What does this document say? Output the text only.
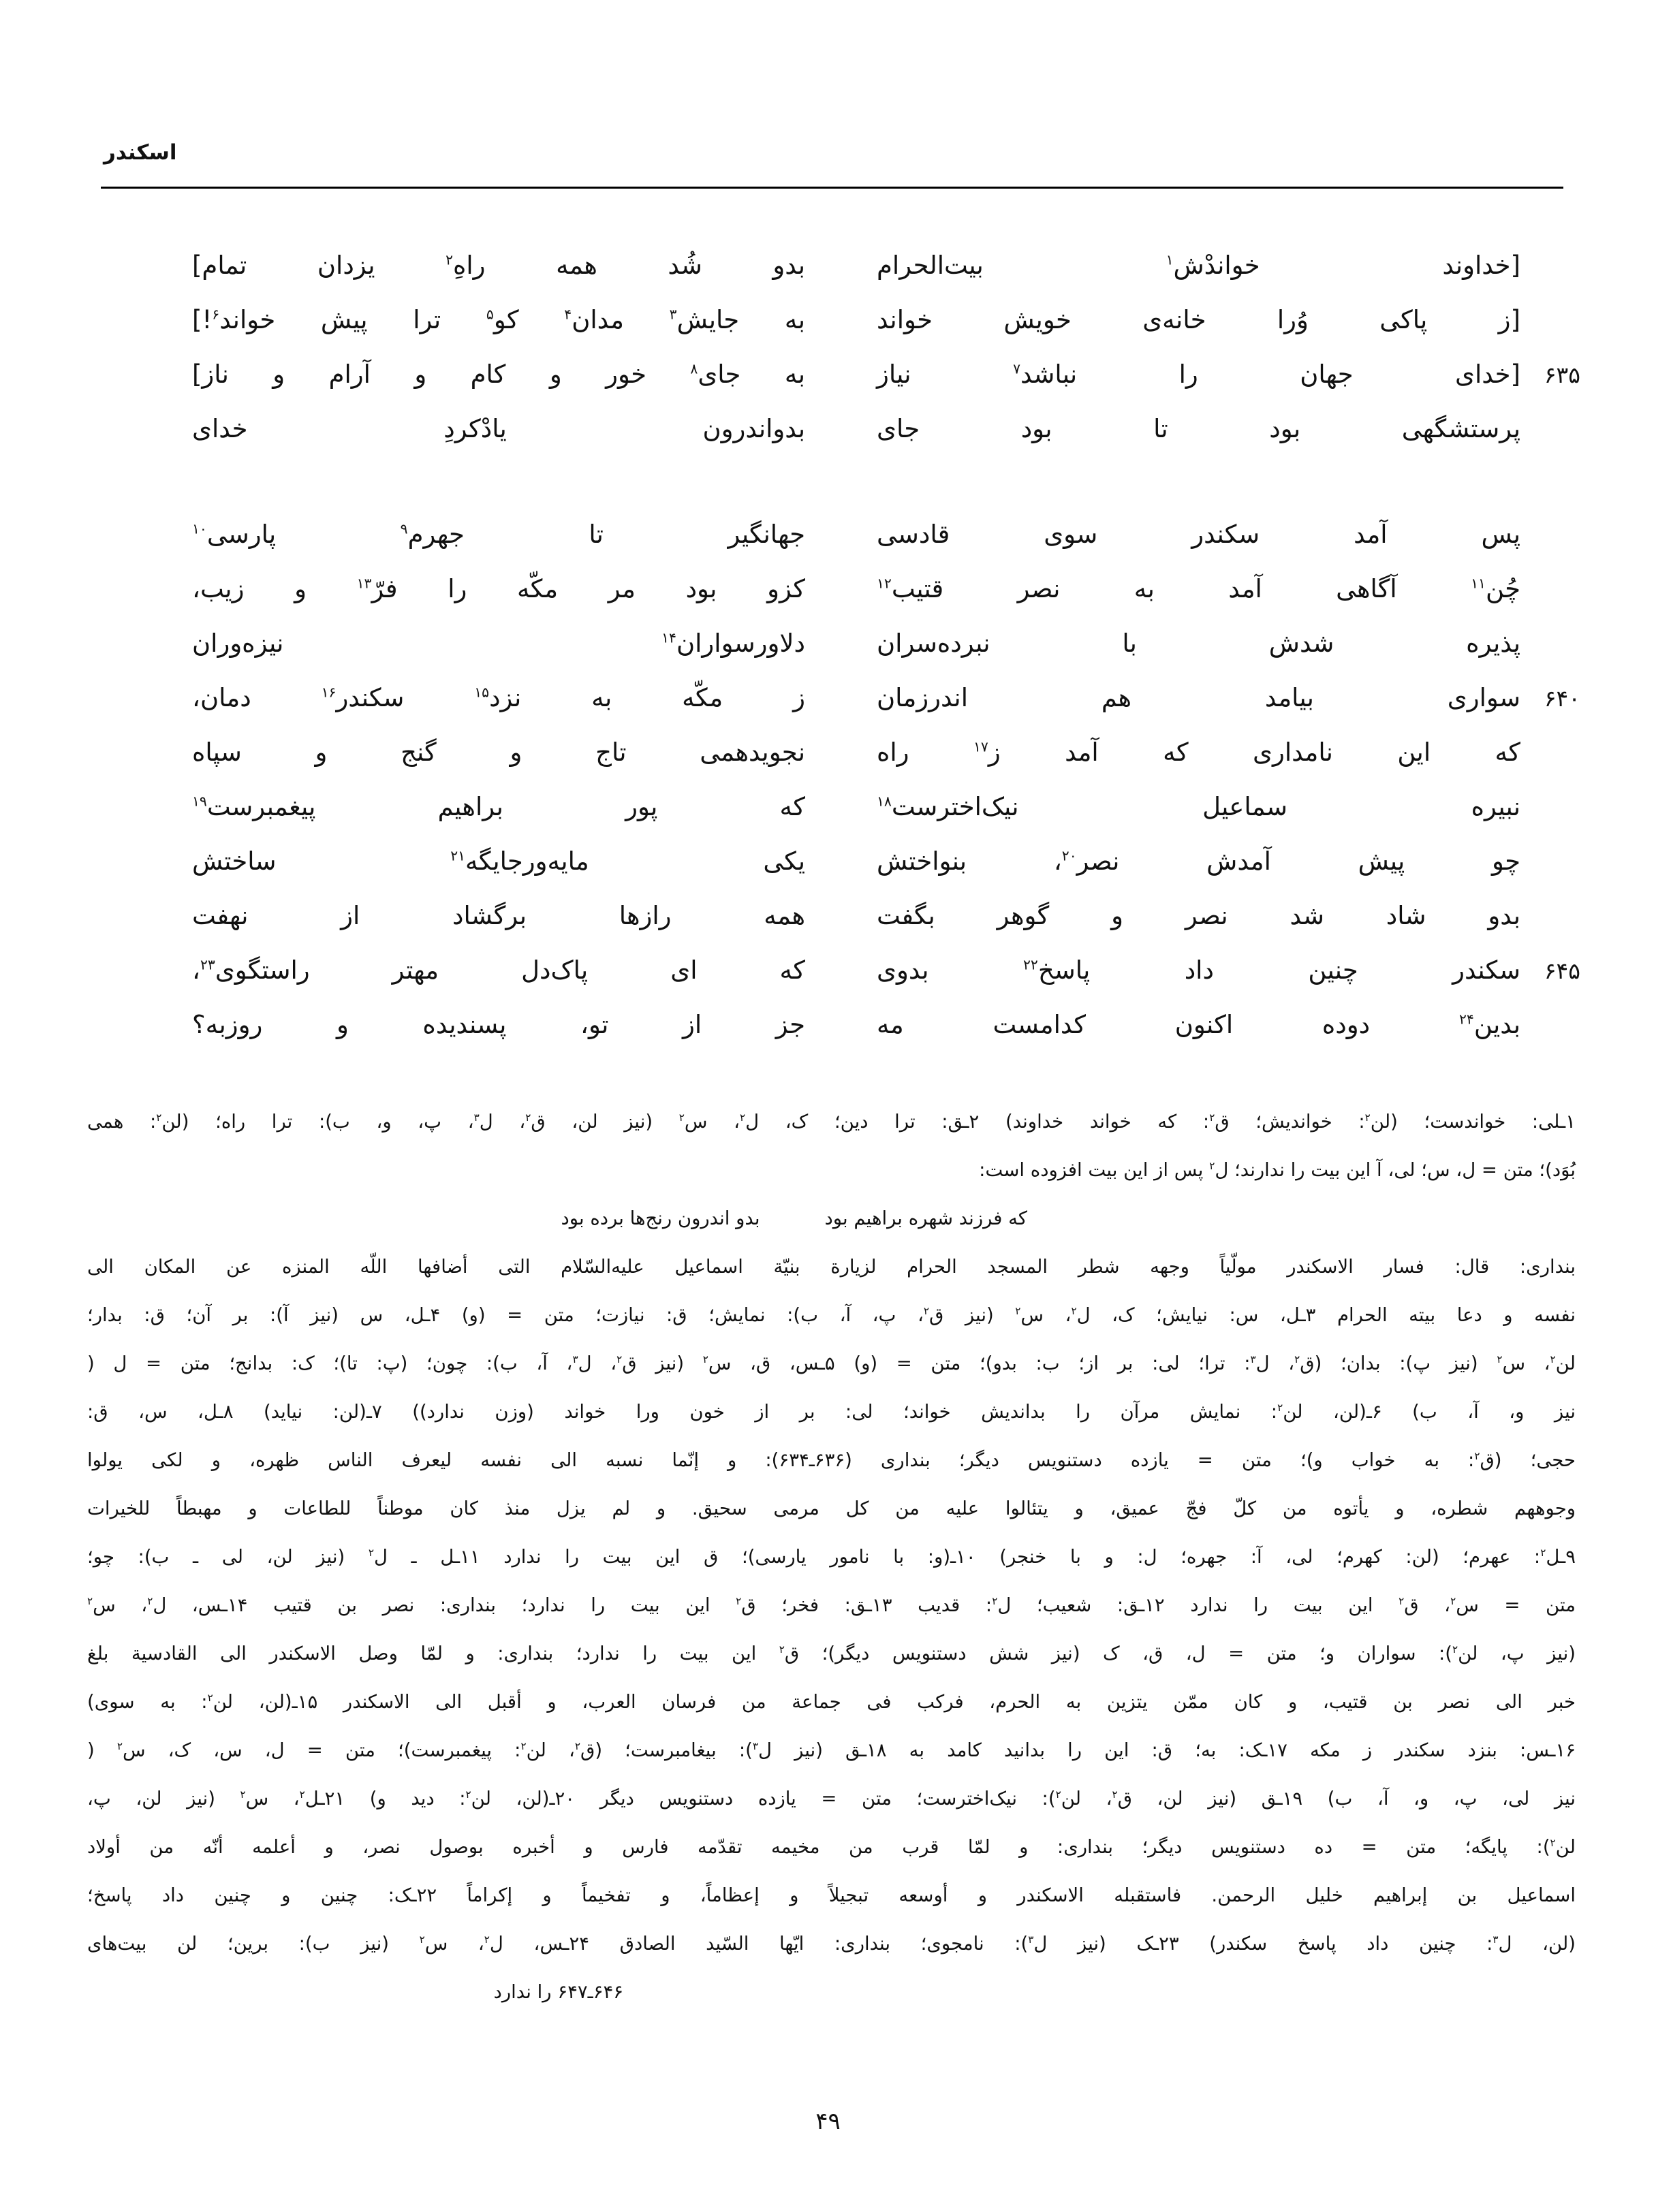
اسکندر
[خداوند خواندْش$^۱$ بیت‌الحرام
بدو شُد همه راهِ$^۲$ یزدان تمام]
[ز پاکی وُرا خانه‌ی خویش خواند
به جایش$^۳$ مدان$^۴$ کو$^۵$ ترا پیش خواند$^۶$!]
۶۳۵
[خدای جهان را نباشد$^۷$ نیاز
به جای$^۸$ خور و کام و آرام و ناز]
پرستشگهی بود تا بود جای
بدواندرون یادْکردِ خدای
پس آمد سکندر سوی قادسی
جهانگیر تا جهرم$^۹$ پارسی$^{۱۰}$
چُن$^{۱۱}$ آگاهی آمد به نصر قتیب$^{۱۲}$
کزو بود مر مکّه را فرّ$^{۱۳}$ و زیب،
پذیره شدش با نبرده‌سران
دلاورسواران$^{۱۴}$ نیزه‌وران
۶۴۰
سواری بیامد هم اندرزمان
ز مکّه به نزد$^{۱۵}$ سکندر$^{۱۶}$ دمان،
که این نامداری که آمد ز$^{۱۷}$ راه
نجویدهمی تاج و گنج و سپاه
نبیره سماعیل نیک‌اخترست$^{۱۸}$
که پور براهیم پیغمبرست$^{۱۹}$
چو پیش آمدش نصر$^{۲۰}$، بنواختش
یکی مایه‌ورجایگه$^{۲۱}$ ساختش
بدو شاد شد نصر و گوهر بگفت
همه رازها برگشاد از نهفت
۶۴۵
سکندر چنین داد پاسخ$^{۲۲}$ بدوی
که ای پاک‌دل مهتر راستگوی$^{۲۳}$،
بدین$^{۲۴}$ دوده اکنون کدامست مه
جز از تو، پسندیده و روزبه؟
۱ـلی: خواندست؛ (لن$^۲$: خواندیش؛ ق$^۲$: که خواند خداوند) ۲ـق: ترا دین؛ ک، ل$^۲$، س$^۲$ (نیز لن، ق$^۲$، ل$^۳$، پ، و، ب): ترا راه؛ (لن$^۲$: همی
بُوَد)؛ متن = ل، س؛ لی، آ این بیت را ندارند؛ ل$^۲$ پس از این بیت افزوده است:
که فرزند شهره براهیم بود
بدو اندرون رنج‌ها برده بود
بنداری: قال: فسار الاسکندر مولّیاً وجهه شطر المسجد الحرام لزیارة بنیّة اسماعیل علیه‌السّلام التی أضافها اللّه المنزه عن المکان الی
نفسه و دعا بیته الحرام ۳ـل، س: نیایش؛ ک، ل$^۲$، س$^۲$ (نیز ق$^۲$، پ، آ، ب): نمایش؛ ق: نیازت؛ متن = (و) ۴ـل، س (نیز آ): بر آن؛ ق: بدار؛
لن$^۲$، س$^۲$ (نیز پ): بدان؛ (ق$^۲$، ل$^۳$: ترا؛ لی: بر از؛ ب: بدو)؛ متن = (و) ۵ـس، ق، س$^۲$ (نیز ق$^۲$، ل$^۳$، آ، ب): چون؛ (پ: تا)؛ ک: بدانج؛ متن = ل (
نیز و، آ، ب) ۶ـ(لن، لن$^۲$: نمایش مرآن را بداندیش خواند؛ لی: بر از خون ورا خواند (وزن ندارد)) ۷ـ(لن: نیاید) ۸ـل، س، ق:
حجی؛ (ق$^۲$: به خواب و)؛ متن = یازده دستنویس دیگر؛ بنداری (۶۳۶ـ۶۳۴): و إنّما نسبه الی نفسه لیعرف الناس ظهره، و لکی یولوا
وجوههم شطره، و یأتوه من کلّ فجّ عمیق، و یتئالوا علیه من کل مرمی سحیق. و لم یزل منذ کان موطناً للطاعات و مهبطاً للخیرات
۹ـل$^۲$: عهرم؛ (لن: کهرم؛ لی، آ: جهره؛ ل: و با خنجر) ۱۰ـ(و: با نامور یارسی)؛ ق این بیت را ندارد ۱۱ـل ـ ل$^۲$ (نیز لن، لی ـ ب): چو؛
متن = س$^۲$، ق$^۲$ این بیت را ندارد ۱۲ـق: شعیب؛ ل$^۲$: قدیب ۱۳ـق: فخر؛ ق$^۲$ این بیت را ندارد؛ بنداری: نصر بن قتیب ۱۴ـس، ل$^۲$، س$^۲$
(نیز پ، لن$^۲$): سواران و؛ متن = ل، ق، ک (نیز شش دستنویس دیگر)؛ ق$^۲$ این بیت را ندارد؛ بنداری: و لمّا وصل الاسکندر الی القادسیة بلغ
خبر الی نصر بن قتیب، و کان ممّن یتزین به الحرم، فرکب فی جماعة من فرسان العرب، و أقبل الی الاسکندر ۱۵ـ(لن، لن$^۲$: به سوی)
۱۶ـس: بنزد سکندر ز مکه ۱۷ـک: به؛ ق: این را بدانید کامد به ۱۸ـق (نیز ل$^۳$): بیغامبرست؛ (ق$^۲$، لن$^۲$: پیغمبرست)؛ متن = ل، س، ک، س$^۲$ (
نیز لی، پ، و، آ، ب) ۱۹ـق (نیز لن، ق$^۲$، لن$^۲$): نیک‌اخترست؛ متن = یازده دستنویس دیگر ۲۰ـ(لن، لن$^۲$: دید و) ۲۱ـل$^۲$، س$^۲$ (نیز لن، پ،
لن$^۲$): پایگه؛ متن = ده دستنویس دیگر؛ بنداری: و لمّا قرب من مخیمه تقدّمه فارس و أخبره بوصول نصر، و أعلمه أنّه من أولاد
اسماعیل بن إبراهیم خلیل الرحمن. فاستقبله الاسکندر و أوسعه تبجیلاً و إعظاماً، و تفخیماً و إکراماً ۲۲ـک: چنین و چنین داد پاسخ؛
(لن، ل$^۳$: چنین داد پاسخ سکندر) ۲۳ـک (نیز ل$^۳$): نامجوی؛ بنداری: ایّها السّید الصادق ۲۴ـس، ل$^۲$، س$^۲$ (نیز ب): برین؛ لن بیت‌های
۶۴۶ـ۶۴۷ را ندارد
۴۹
